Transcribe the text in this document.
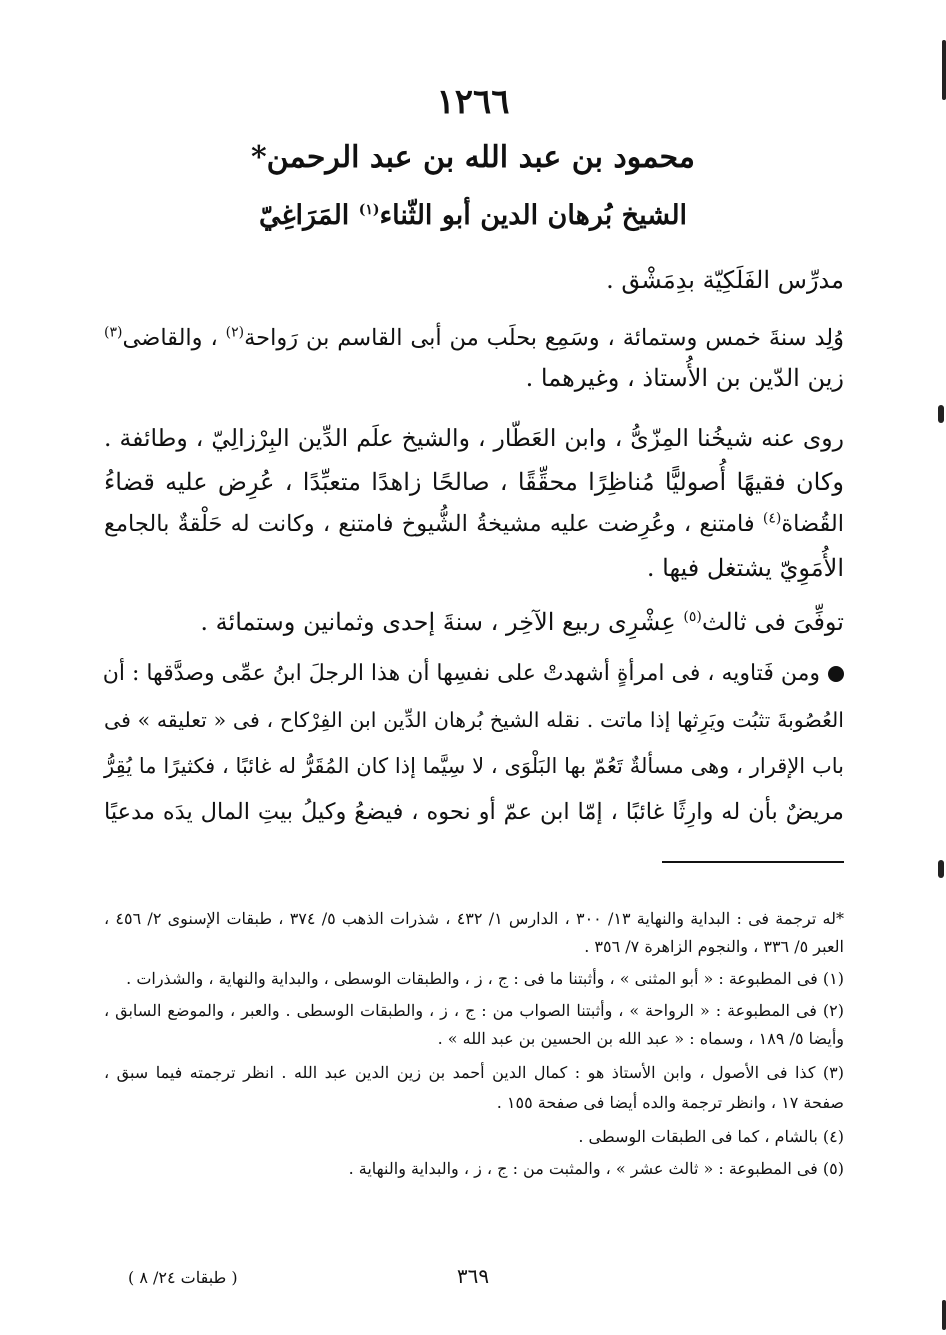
١٢٦٦
محمود بن عبد الله بن عبد الرحمن*
الشيخ بُرهان الدين أبو الثّناء$^{(١)}$ المَرَاغِيّ
مدرِّس الفَلَكِيّة بدِمَشْق .
وُلِد سنةَ خمس وستمائة ، وسَمِع بحلَب من أبى القاسم بن رَواحة$^{(٢)}$ ، والقاضى$^{(٣)}$
زين الدّين بن الأُستاذ ، وغيرهما .
روى عنه شيخُنا المِزّىُّ ، وابن العَطّار ، والشيخ علَم الدِّين البِرْزالِيّ ، وطائفة .
وكان فقيهًا أُصوليًّا مُناظِرًا محقِّقًا ، صالحًا زاهدًا متعبِّدًا ، عُرِض عليه قضاءُ
القُضاة$^{(٤)}$ فامتنع ، وعُرِضت عليه مشيخةُ الشُّيوخ فامتنع ، وكانت له حَلْقةٌ بالجامع
الأُمَوِيّ يشتغل فيها .
توفِّىَ فى ثالث$^{(٥)}$ عِشْرِى ربيع الآخِر ، سنةَ إحدى وثمانين وستمائة .
ومن فَتاويه ، فى امرأةٍ أشهدتْ على نفسِها أن هذا الرجلَ ابنُ عمِّى وصدَّقها : أن
العُصُوبةَ تثبُت ويَرِثها إذا ماتت . نقله الشيخ بُرهان الدِّين ابن الفِرْكاح ، فى « تعليقه » فى
باب الإقرار ، وهى مسألةٌ تَعُمّ بها البَلْوَى ، لا سِيَّما إذا كان المُقَرُّ له غائبًا ، فكثيرًا ما يُقِرُّ
مريضٌ بأن له وارِثًا غائبًا ، إمّا ابن عمّ أو نحوه ، فيضعُ وكيلُ بيتِ المال يدَه مدعيًا
*له ترجمة فى : البداية والنهاية ١٣/ ٣٠٠ ، الدارس ١/ ٤٣٢ ، شذرات الذهب ٥/ ٣٧٤ ، طبقات الإسنوى ٢/ ٤٥٦ ،
العبر ٥/ ٣٣٦ ، والنجوم الزاهرة ٧/ ٣٥٦ .
(١) فى المطبوعة : « أبو المثنى » ، وأثبتنا ما فى : ج ، ز ، والطبقات الوسطى ، والبداية والنهاية ، والشذرات .
(٢) فى المطبوعة : « الرواحة » ، وأثبتنا الصواب من : ج ، ز ، والطبقات الوسطى . والعبر ، والموضع السابق ،
وأيضا ٥/ ١٨٩ ، وسماه : « عبد الله بن الحسين بن عبد الله » .
(٣) كذا فى الأصول ، وابن الأستاذ هو : كمال الدين أحمد بن زين الدين عبد الله . انظر ترجمته فيما سبق ،
صفحة ١٧ ، وانظر ترجمة والده أيضا فى صفحة ١٥٥ .
(٤) بالشام ، كما فى الطبقات الوسطى .
(٥) فى المطبوعة : « ثالث عشر » ، والمثبت من : ج ، ز ، والبداية والنهاية .
٣٦٩
( طبقات ٢٤/ ٨ )
